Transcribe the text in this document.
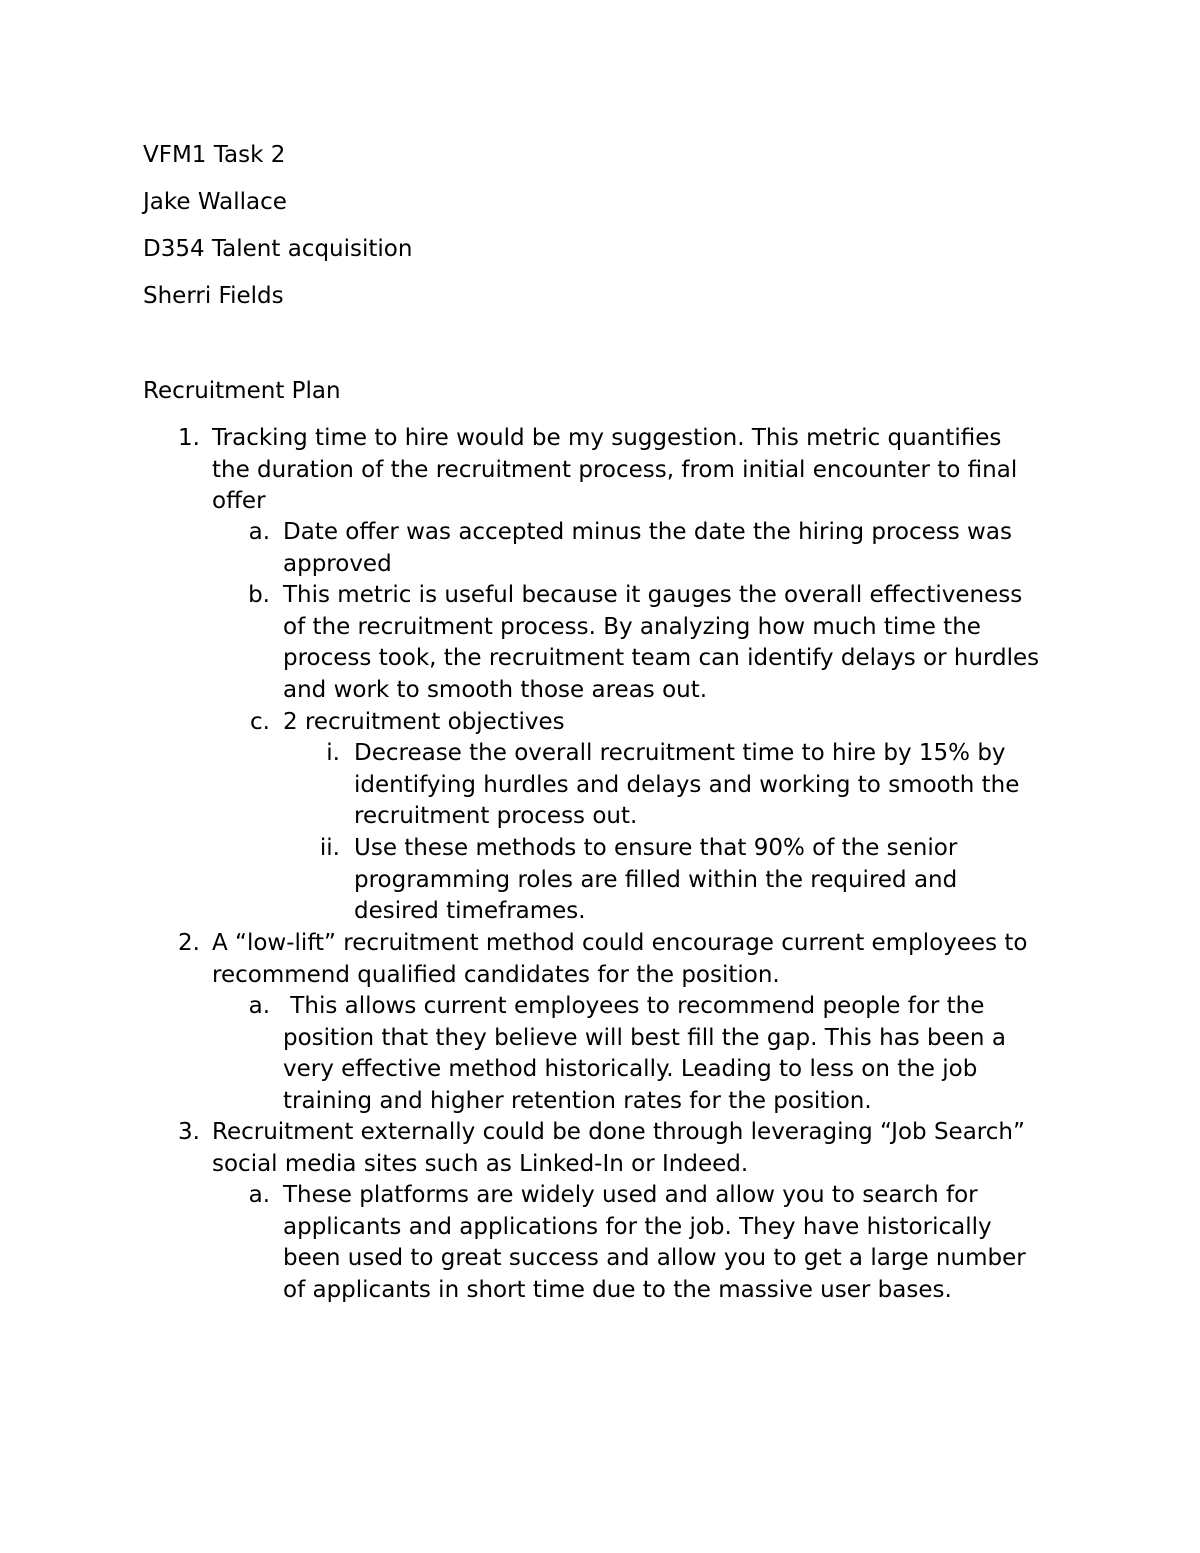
VFM1 Task 2

Jake Wallace

D354 Talent acquisition

Sherri Fields

Recruitment Plan

1. Tracking time to hire would be my suggestion. This metric quantifies
the duration of the recruitment process, from initial encounter to final
offer
a. Date offer was accepted minus the date the hiring process was
approved
b. This metric is useful because it gauges the overall effectiveness
of the recruitment process. By analyzing how much time the
process took, the recruitment team can identify delays or hurdles
and work to smooth those areas out.
c. 2 recruitment objectives
i. Decrease the overall recruitment time to hire by 15% by
identifying hurdles and delays and working to smooth the
recruitment process out.
ii. Use these methods to ensure that 90% of the senior
programming roles are filled within the required and
desired timeframes.
2. A “low-lift” recruitment method could encourage current employees to
recommend qualified candidates for the position.
a. This allows current employees to recommend people for the
position that they believe will best fill the gap. This has been a
very effective method historically. Leading to less on the job
training and higher retention rates for the position.
3. Recruitment externally could be done through leveraging “Job Search”
social media sites such as Linked-In or Indeed.
a. These platforms are widely used and allow you to search for
applicants and applications for the job. They have historically
been used to great success and allow you to get a large number
of applicants in short time due to the massive user bases.
